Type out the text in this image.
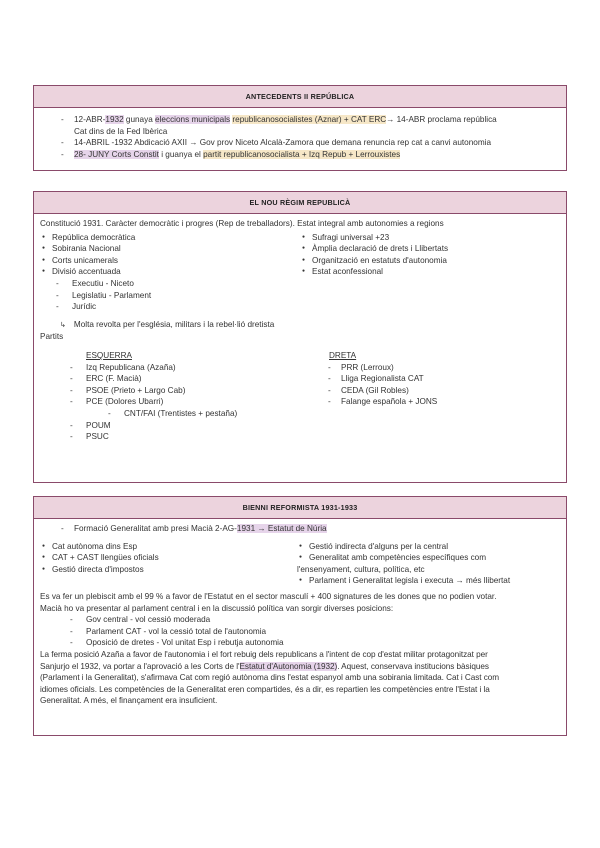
ANTECEDENTS II REPÚBLICA
- 12-ABR-1932 gunaya eleccions municipals republicanosocialistes (Aznar) + CAT ERC→ 14-ABR proclama república
Cat dins de la Fed Ibèrica
- 14-ABRIL -1932 Abdicació AXII → Gov prov Niceto Alcalà-Zamora que demana renuncia rep cat a canvi autonomia
- 28- JUNY Corts Constit i guanya el partit republicanosocialista + Izq Repub + Lerrouxistes
EL NOU RÈGIM REPUBLICÀ
Constitució 1931. Caràcter democràtic i progres (Rep de treballadors). Estat integral amb autonomies a regions
● República democràtica
● Sobirania Nacional
● Corts unicamerals
● Divisió accentuada
- Executiu - Niceto
- Legislatiu - Parlament
- Jurídic
● Sufragi universal +23
● Àmplia declaració de drets i Llibertats
● Organització en estatuts d'autonomia
● Estat aconfessional
↳ Molta revolta per l'església, militars i la rebel·lió dretista
Partits
ESQUERRA
- Izq Republicana (Azaña)
- ERC (F. Macià)
- PSOE (Prieto + Largo Cab)
- PCE (Dolores Ubarri)
- CNT/FAI (Trentistes + pestaña)
- POUM
- PSUC
DRETA
- PRR (Lerroux)
- Lliga Regionalista CAT
- CEDA (Gil Robles)
- Falange española + JONS
BIENNI REFORMISTA 1931-1933
- Formació Generalitat amb presi Macià 2-AG-1931 → Estatut de Núria
● Cat autònoma dins Esp
● CAT + CAST llengües oficials
● Gestió directa d'impostos
● Gestió indirecta d'alguns per la central
● Generalitat amb competències específiques com
l'ensenyament, cultura, política, etc
● Parlament i Generalitat legisla i executa → més llibertat
Es va fer un plebiscit amb el 99 % a favor de l'Estatut en el sector masculí + 400 signatures de les dones que no podien votar.
Macià ho va presentar al parlament central i en la discussió política van sorgir diverses posicions:
- Gov central - vol cessió moderada
- Parlament CAT - vol la cessió total de l'autonomia
- Oposició de dretes - Vol unitat Esp i rebutja autonomia
La ferma posició Azaña a favor de l'autonomia i el fort rebuig dels republicans a l'intent de cop d'estat militar protagonitzat per
Sanjurjo el 1932, va portar a l'aprovació a les Corts de l'Estatut d'Autonomia (1932). Aquest, conservava institucions bàsiques
(Parlament i la Generalitat), s'afirmava Cat com regió autònoma dins l'estat espanyol amb una sobirania limitada. Cat i Cast com
idiomes oficials. Les competències de la Generalitat eren compartides, és a dir, es repartien les competències entre l'Estat i la
Generalitat. A més, el finançament era insuficient.
